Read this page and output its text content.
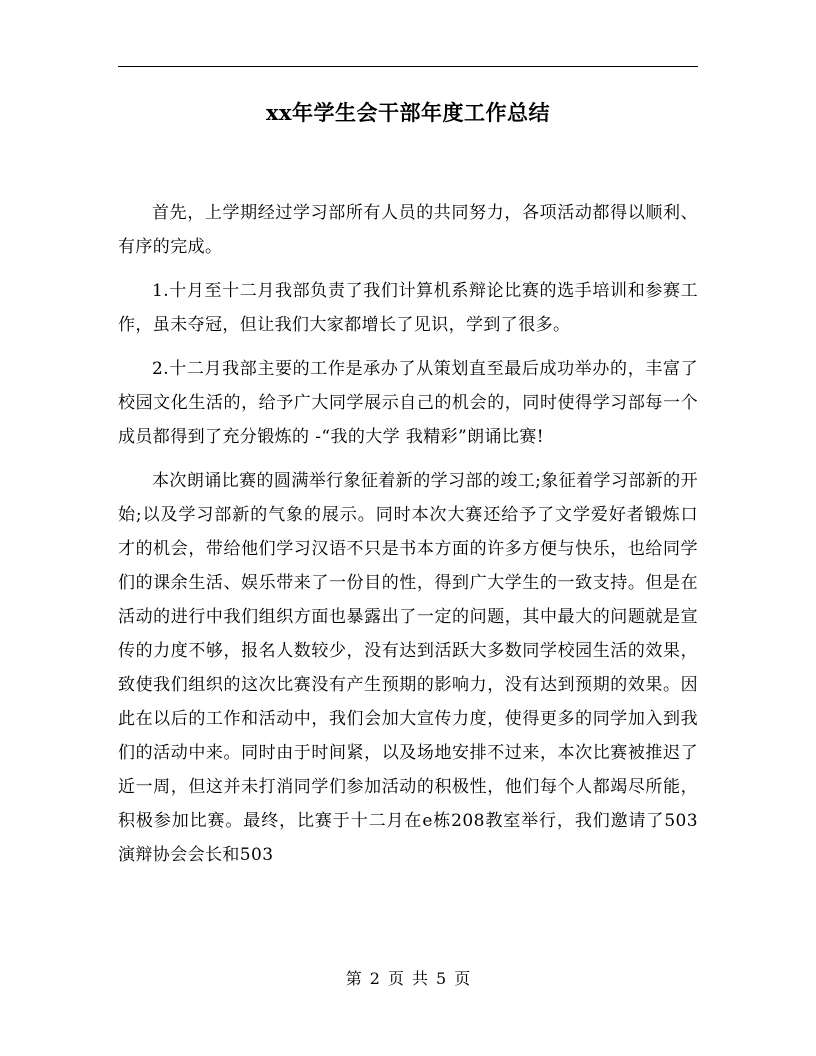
xx年学生会干部年度工作总结

首先，上学期经过学习部所有人员的共同努力，各项活动都得以顺利、有序的完成。

1.十月至十二月我部负责了我们计算机系辩论比赛的选手培训和参赛工作，虽未夺冠，但让我们大家都增长了见识，学到了很多。

2.十二月我部主要的工作是承办了从策划直至最后成功举办的，丰富了校园文化生活的，给予广大同学展示自己的机会的，同时使得学习部每一个成员都得到了充分锻炼的 -“我的大学 我精彩”朗诵比赛!

本次朗诵比赛的圆满举行象征着新的学习部的竣工;象征着学习部新的开始;以及学习部新的气象的展示。同时本次大赛还给予了文学爱好者锻炼口才的机会，带给他们学习汉语不只是书本方面的许多方便与快乐，也给同学们的课余生活、娱乐带来了一份目的性，得到广大学生的一致支持。但是在活动的进行中我们组织方面也暴露出了一定的问题，其中最大的问题就是宣传的力度不够，报名人数较少，没有达到活跃大多数同学校园生活的效果，致使我们组织的这次比赛没有产生预期的影响力，没有达到预期的效果。因此在以后的工作和活动中，我们会加大宣传力度，使得更多的同学加入到我们的活动中来。同时由于时间紧，以及场地安排不过来，本次比赛被推迟了近一周，但这并未打消同学们参加活动的积极性，他们每个人都竭尽所能，积极参加比赛。最终，比赛于十二月在e栋208教室举行，我们邀请了503演辩协会会长和503

第 2 页 共 5 页
